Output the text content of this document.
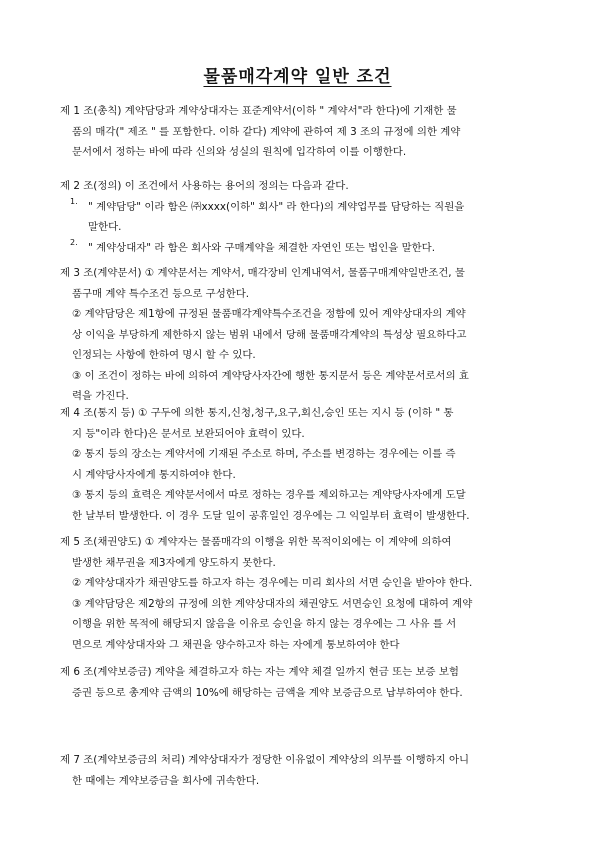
물품매각계약 일반 조건

제 1 조(총칙) 계약담당과 계약상대자는 표준계약서(이하 " 계약서"라 한다)에 기재한 물

품의 매각(" 제조 " 를 포함한다. 이하 같다) 계약에 관하여 제 3 조의 규정에 의한 계약

문서에서 정하는 바에 따라 신의와 성실의 원칙에 입각하여 이를 이행한다.

제 2 조(정의) 이 조건에서 사용하는 용어의 정의는 다음과 같다.

1. " 계약담당" 이라 함은 ㈜xxxx(이하" 회사" 라 한다)의 계약업무를 담당하는 직원을

말한다.

2. " 계약상대자" 라 함은 회사와 구매계약을 체결한 자연인 또는 법인을 말한다.

제 3 조(계약문서) ① 계약문서는 계약서, 매각장비 인계내역서, 물품구매계약일반조건, 물

품구매 계약 특수조건 등으로 구성한다.

② 계약담당은 제1항에 규정된 물품매각계약특수조건을 정함에 있어 계약상대자의 계약

상 이익을 부당하게 제한하지 않는 범위 내에서 당해 물품매각계약의 특성상 필요하다고

인정되는 사항에 한하여 명시 할 수 있다.

③ 이 조건이 정하는 바에 의하여 계약당사자간에 행한 통지문서 등은 계약문서로서의 효

력을 가진다.

제 4 조(통지 등) ① 구두에 의한 통지,신청,청구,요구,회신,승인 또는 지시 등 (이하 " 통

지 등"이라 한다)은 문서로 보완되어야 효력이 있다.

② 통지 등의 장소는 계약서에 기재된 주소로 하며, 주소를 변경하는 경우에는 이를 즉

시 계약당사자에게 통지하여야 한다.

③ 통지 등의 효력은 계약문서에서 따로 정하는 경우를 제외하고는 계약당사자에게 도달

한 날부터 발생한다. 이 경우 도달 일이 공휴일인 경우에는 그 익일부터 효력이 발생한다.

제 5 조(채권양도) ① 계약자는 물품매각의 이행을 위한 목적이외에는 이 계약에 의하여

발생한 채무권을 제3자에게 양도하지 못한다.

② 계약상대자가 채권양도를 하고자 하는 경우에는 미리 회사의 서면 승인을 받아야 한다.

③ 계약담당은 제2항의 규정에 의한 계약상대자의 채권양도 서면승인 요청에 대하여 계약

이행을 위한 목적에 해당되지 않음을 이유로 승인을 하지 않는 경우에는 그 사유 를 서

면으로 계약상대자와 그 채권을 양수하고자 하는 자에게 통보하여야 한다

제 6 조(계약보증금) 계약을 체결하고자 하는 자는 계약 체결 일까지 현금 또는 보증 보험

증권 등으로 총계약 금액의 10%에 해당하는 금액을 계약 보증금으로 납부하여야 한다.

제 7 조(계약보증금의 처리) 계약상대자가 정당한 이유없이 계약상의 의무를 이행하지 아니

한 때에는 계약보증금을 회사에 귀속한다.
